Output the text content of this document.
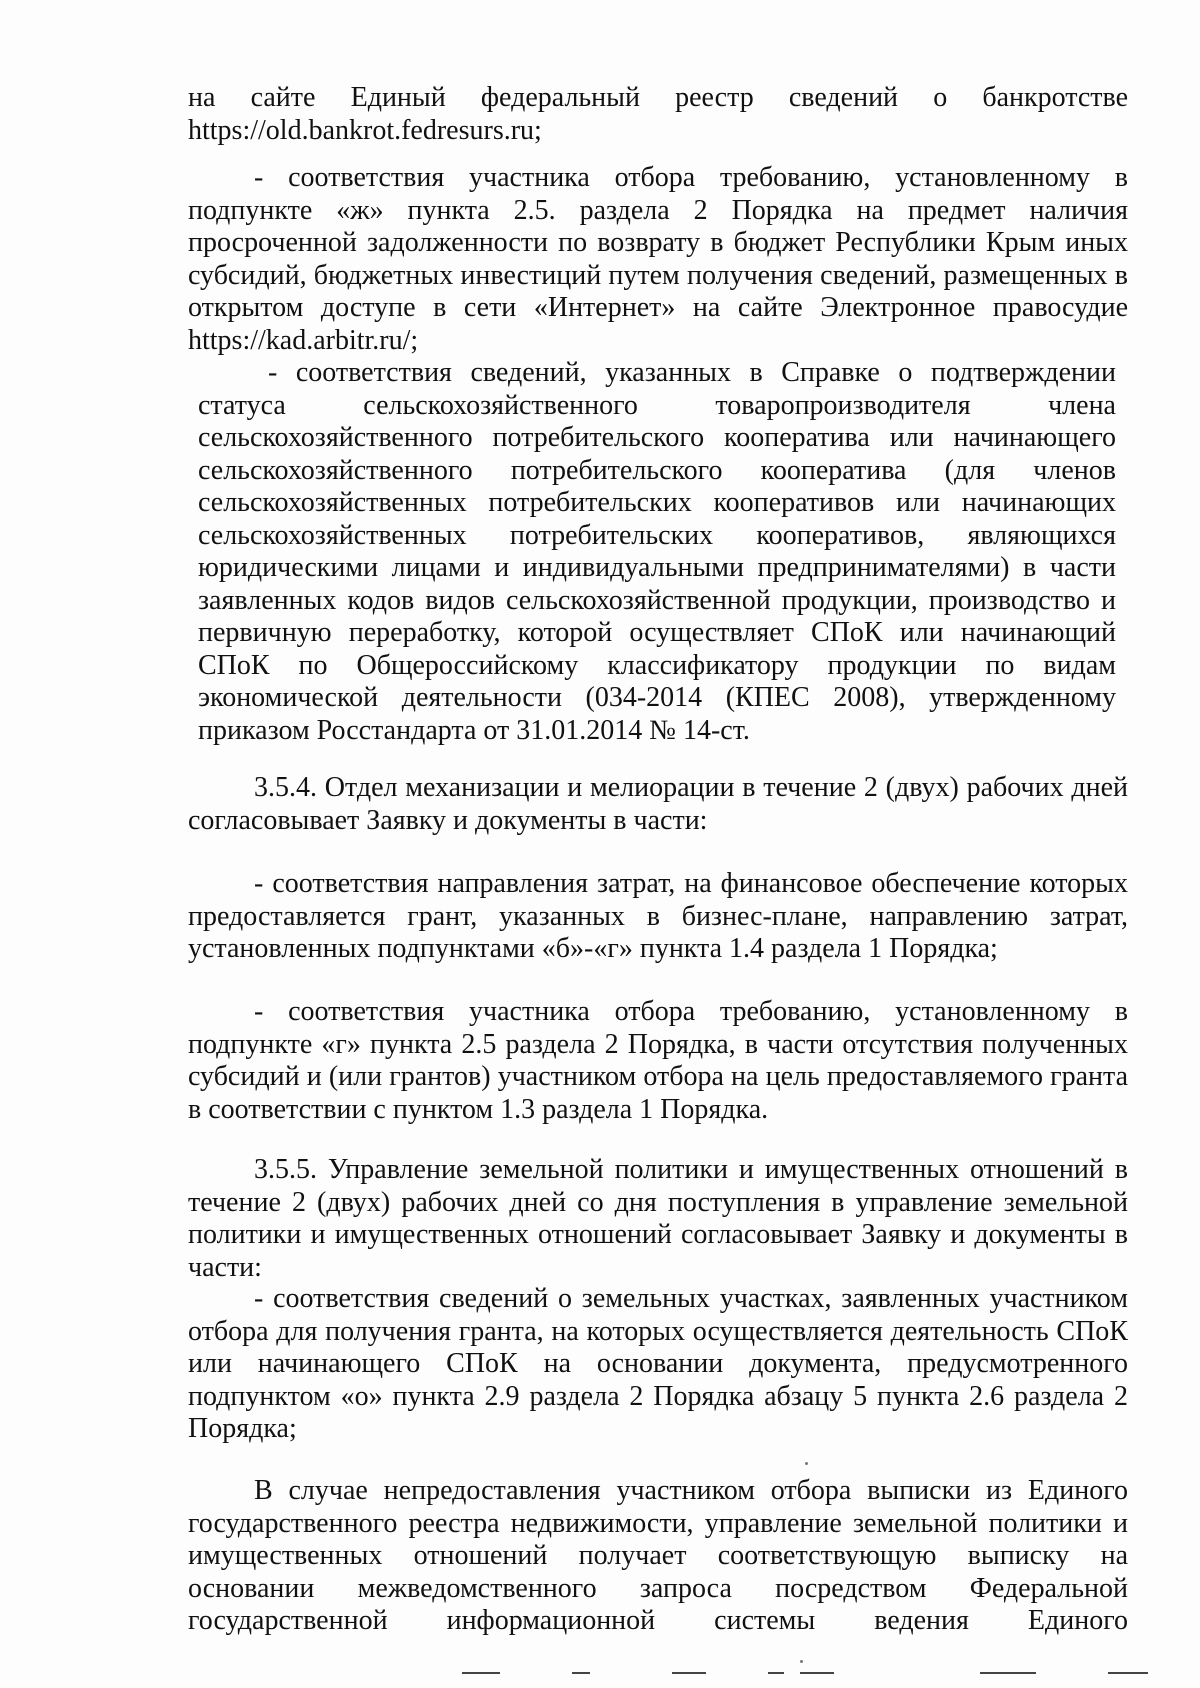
на сайте Единый федеральный реестр сведений о банкротстве https://old.bankrot.fedresurs.ru;

- соответствия участника отбора требованию, установленному в подпункте «ж» пункта 2.5. раздела 2 Порядка на предмет наличия просроченной задолженности по возврату в бюджет Республики Крым иных субсидий, бюджетных инвестиций путем получения сведений, размещенных в открытом доступе в сети «Интернет» на сайте Электронное правосудие https://kad.arbitr.ru/;

- соответствия сведений, указанных в Справке о подтверждении статуса сельскохозяйственного товаропроизводителя члена сельскохозяйственного потребительского кооператива или начинающего сельскохозяйственного потребительского кооператива (для членов сельскохозяйственных потребительских кооперативов или начинающих сельскохозяйственных потребительских кооперативов, являющихся юридическими лицами и индивидуальными предпринимателями) в части заявленных кодов видов сельскохозяйственной продукции, производство и первичную переработку, которой осуществляет СПоК или начинающий СПоК по Общероссийскому классификатору продукции по видам экономической деятельности (034-2014 (КПЕС 2008), утвержденному приказом Росстандарта от 31.01.2014 № 14-ст.

3.5.4. Отдел механизации и мелиорации в течение 2 (двух) рабочих дней согласовывает Заявку и документы в части:

- соответствия направления затрат, на финансовое обеспечение которых предоставляется грант, указанных в бизнес-плане, направлению затрат, установленных подпунктами «б»-«г» пункта 1.4 раздела 1 Порядка;

- соответствия участника отбора требованию, установленному в подпункте «г» пункта 2.5 раздела 2 Порядка, в части отсутствия полученных субсидий и (или грантов) участником отбора на цель предоставляемого гранта в соответствии с пунктом 1.3 раздела 1 Порядка.

3.5.5. Управление земельной политики и имущественных отношений в течение 2 (двух) рабочих дней со дня поступления в управление земельной политики и имущественных отношений согласовывает Заявку и документы в части:

- соответствия сведений о земельных участках, заявленных участником отбора для получения гранта, на которых осуществляется деятельность СПоК или начинающего СПоК на основании документа, предусмотренного подпунктом «о» пункта 2.9 раздела 2 Порядка абзацу 5 пункта 2.6 раздела 2 Порядка;

В случае непредоставления участником отбора выписки из Единого государственного реестра недвижимости, управление земельной политики и имущественных отношений получает соответствующую выписку на основании межведомственного запроса посредством Федеральной государственной информационной системы ведения Единого
